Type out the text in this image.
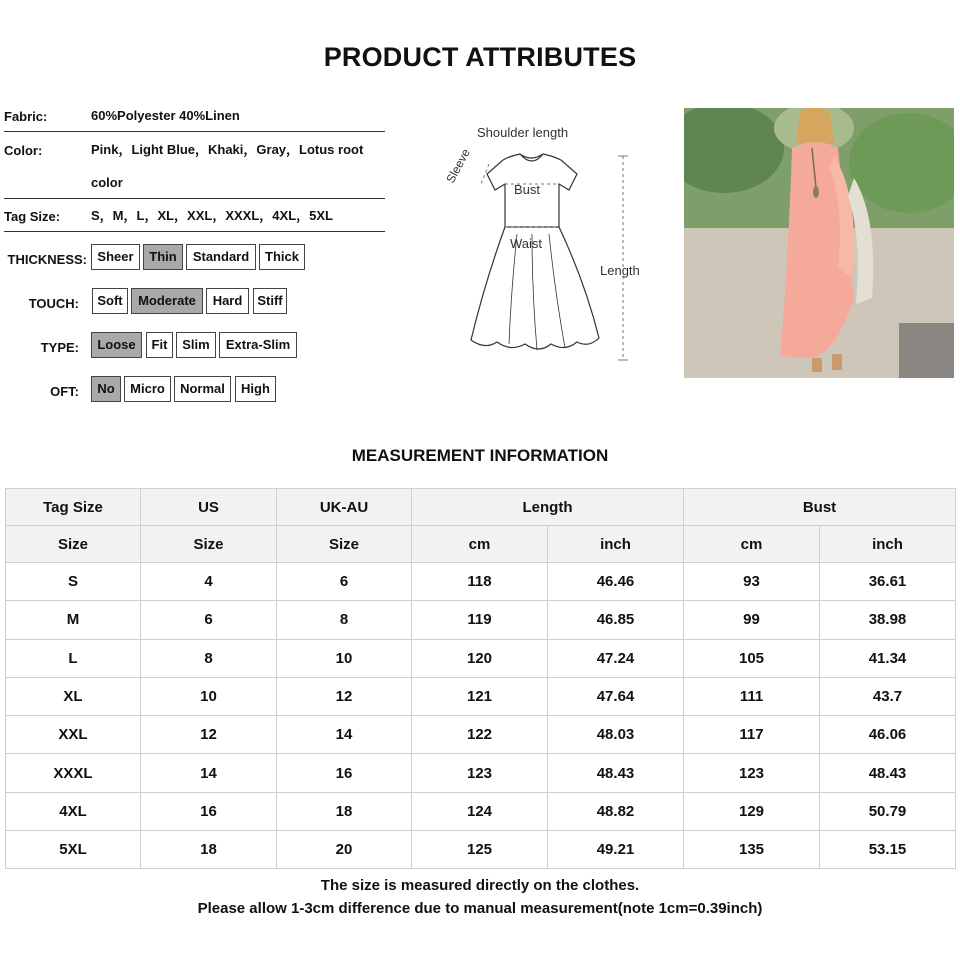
PRODUCT ATTRIBUTES
Fabric:	60%Polyester 40%Linen
Color:	Pink，Light Blue，Khaki，Gray，Lotus root color
Tag Size: S，M，L，XL，XXL，XXXL，4XL，5XL
THICKNESS: Sheer	Thin	Standard	Thick
TOUCH:	Soft	Moderate	Hard	Stiff
TYPE:	Loose	Fit	Slim	Extra-Slim
OFT:	No	Micro	Normal	High
Shoulder length
Sleeve
Bust
Waist
Length
MEASUREMENT INFORMATION
Tag Size	US	UK-AU	Length		Bust	
Size	Size	Size	cm	inch	cm	inch
S	4	6	118	46.46	93	36.61
M	6	8	119	46.85	99	38.98
L	8	10	120	47.24	105	41.34
XL	10	12	121	47.64	111	43.7
XXL	12	14	122	48.03	117	46.06
XXXL	14	16	123	48.43	123	48.43
4XL	16	18	124	48.82	129	50.79
5XL	18	20	125	49.21	135	53.15
The size is measured directly on the clothes.
Please allow 1-3cm difference due to manual measurement(note 1cm=0.39inch)
